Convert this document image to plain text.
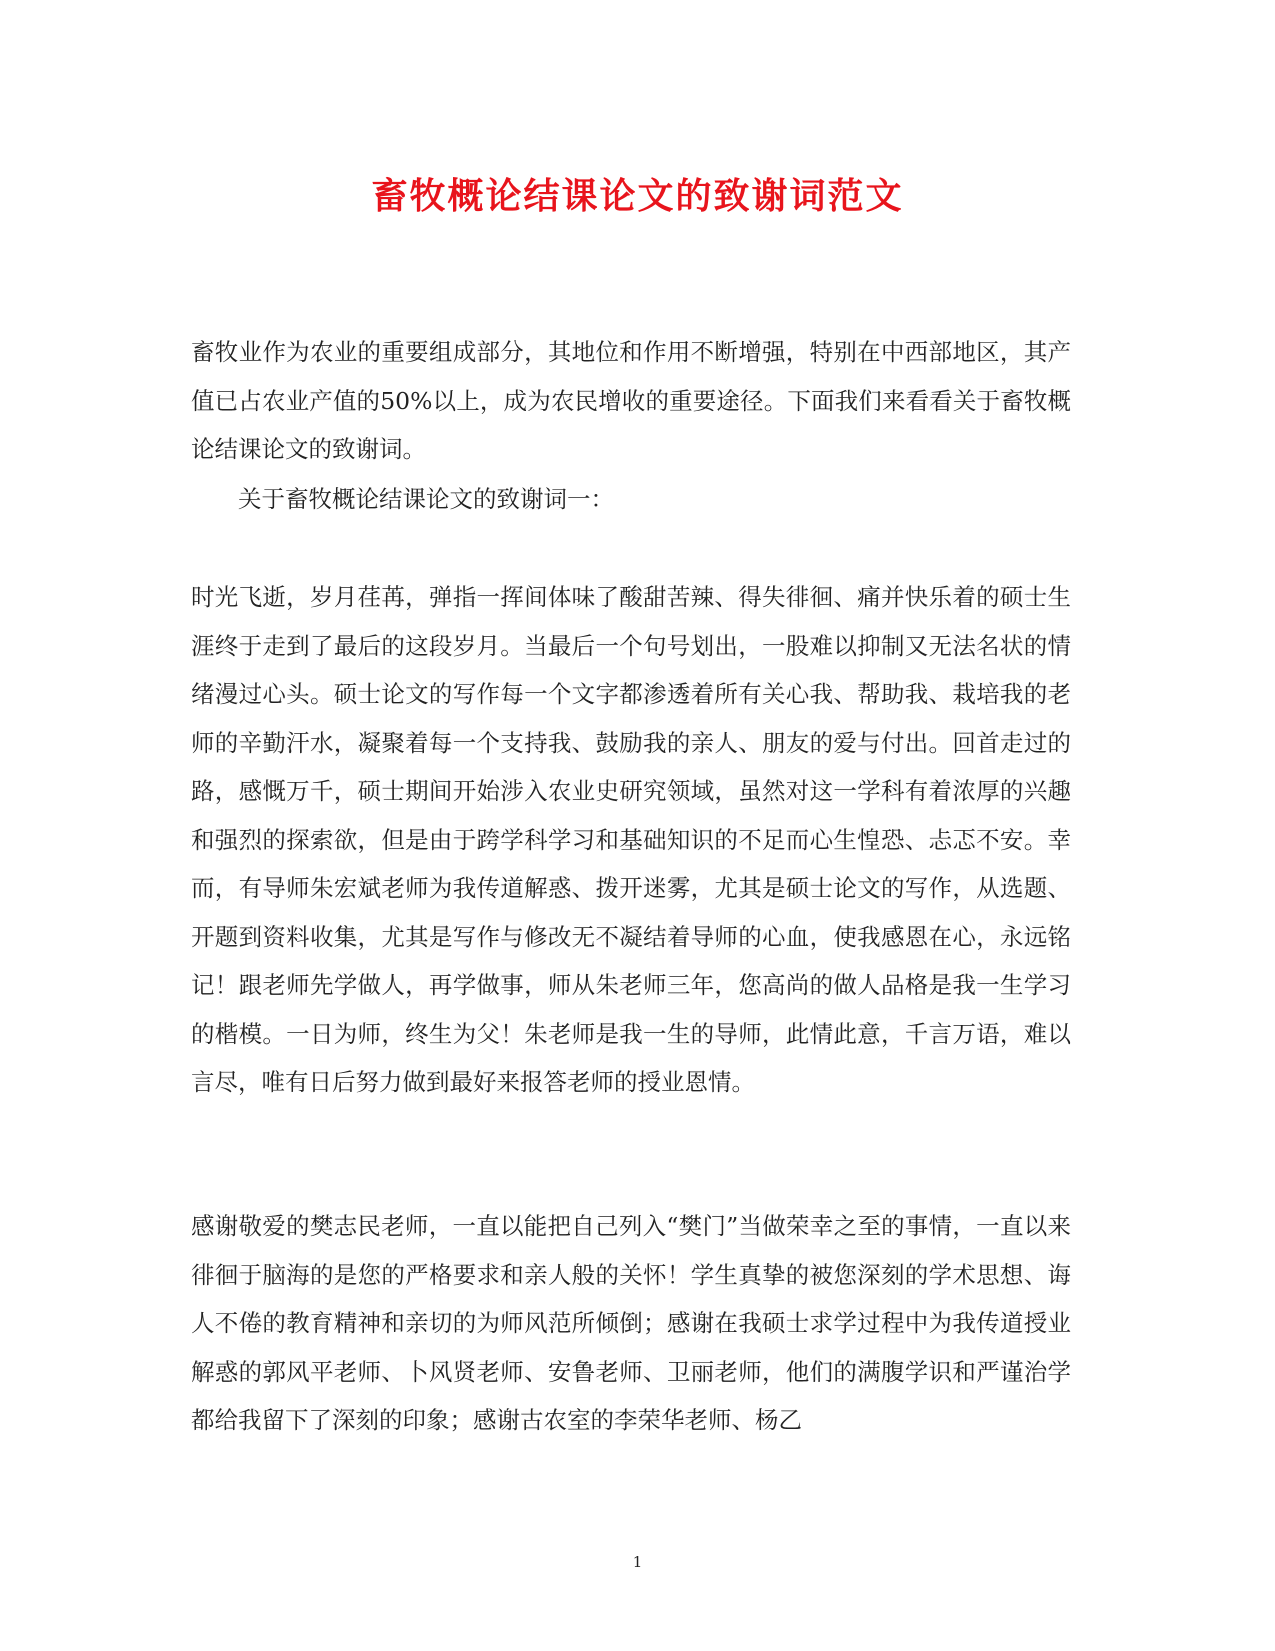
畜牧概论结课论文的致谢词范文

畜牧业作为农业的重要组成部分，其地位和作用不断增强，特别在中西部地区，其产值已占农业产值的50%以上，成为农民增收的重要途径。下面我们来看看关于畜牧概论结课论文的致谢词。

关于畜牧概论结课论文的致谢词一：

时光飞逝，岁月荏苒，弹指一挥间体味了酸甜苦辣、得失徘徊、痛并快乐着的硕士生涯终于走到了最后的这段岁月。当最后一个句号划出，一股难以抑制又无法名状的情绪漫过心头。硕士论文的写作每一个文字都渗透着所有关心我、帮助我、栽培我的老师的辛勤汗水，凝聚着每一个支持我、鼓励我的亲人、朋友的爱与付出。回首走过的路，感慨万千，硕士期间开始涉入农业史研究领域，虽然对这一学科有着浓厚的兴趣和强烈的探索欲，但是由于跨学科学习和基础知识的不足而心生惶恐、忐忑不安。幸而，有导师朱宏斌老师为我传道解惑、拨开迷雾，尤其是硕士论文的写作，从选题、开题到资料收集，尤其是写作与修改无不凝结着导师的心血，使我感恩在心，永远铭记！跟老师先学做人，再学做事，师从朱老师三年，您高尚的做人品格是我一生学习的楷模。一日为师，终生为父！朱老师是我一生的导师，此情此意，千言万语，难以言尽，唯有日后努力做到最好来报答老师的授业恩情。

感谢敬爱的樊志民老师，一直以能把自己列入“樊门”当做荣幸之至的事情，一直以来徘徊于脑海的是您的严格要求和亲人般的关怀！学生真挚的被您深刻的学术思想、诲人不倦的教育精神和亲切的为师风范所倾倒；感谢在我硕士求学过程中为我传道授业解惑的郭风平老师、卜风贤老师、安鲁老师、卫丽老师，他们的满腹学识和严谨治学都给我留下了深刻的印象；感谢古农室的李荣华老师、杨乙

1
